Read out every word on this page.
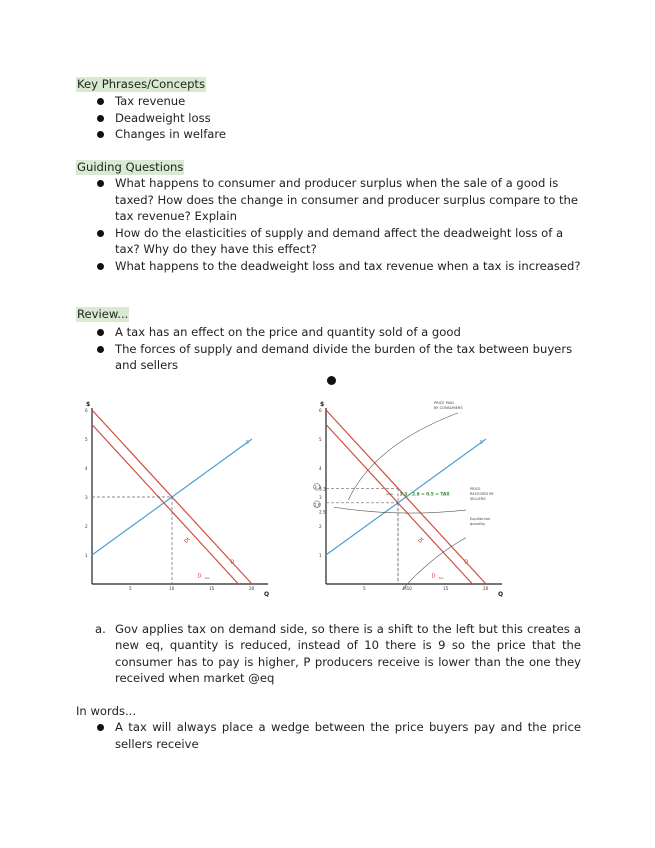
Key Phrases/Concepts
Tax revenue
Deadweight loss
Changes in welfare
Guiding Questions
What happens to consumer and producer surplus when the sale of a good is taxed? How does the change in consumer and producer surplus compare to the tax revenue? Explain
How do the elasticities of supply and demand affect the deadweight loss of a tax? Why do they have this effect?
What happens to the deadweight loss and tax revenue when a tax is increased?
Review...
A tax has an effect on the price and quantity sold of a good
The forces of supply and demand divide the burden of the tax between buyers and sellers
$
Q
1
2
3
4
5
6
5	10	15	20
S
D
D tax
Dt
$
Q
1
2
2.5
3
3.3
4
5
6
5	M10	15	20
S
D
D tax
Dt
3.3
2.8
3.3 - 2.8 = 0.5 = TAX
PRICE PAID
BY CONSUMERS
PRICE
RECEIVED BY
SELLERS
Equilibrium
quantity
a. Gov applies tax on demand side, so there is a shift to the left but this creates a new eq, quantity is reduced, instead of 10 there is 9 so the price that the consumer has to pay is higher, P producers receive is lower than the one they received when market @eq
In words...
A tax will always place a wedge between the price buyers pay and the price sellers receive
